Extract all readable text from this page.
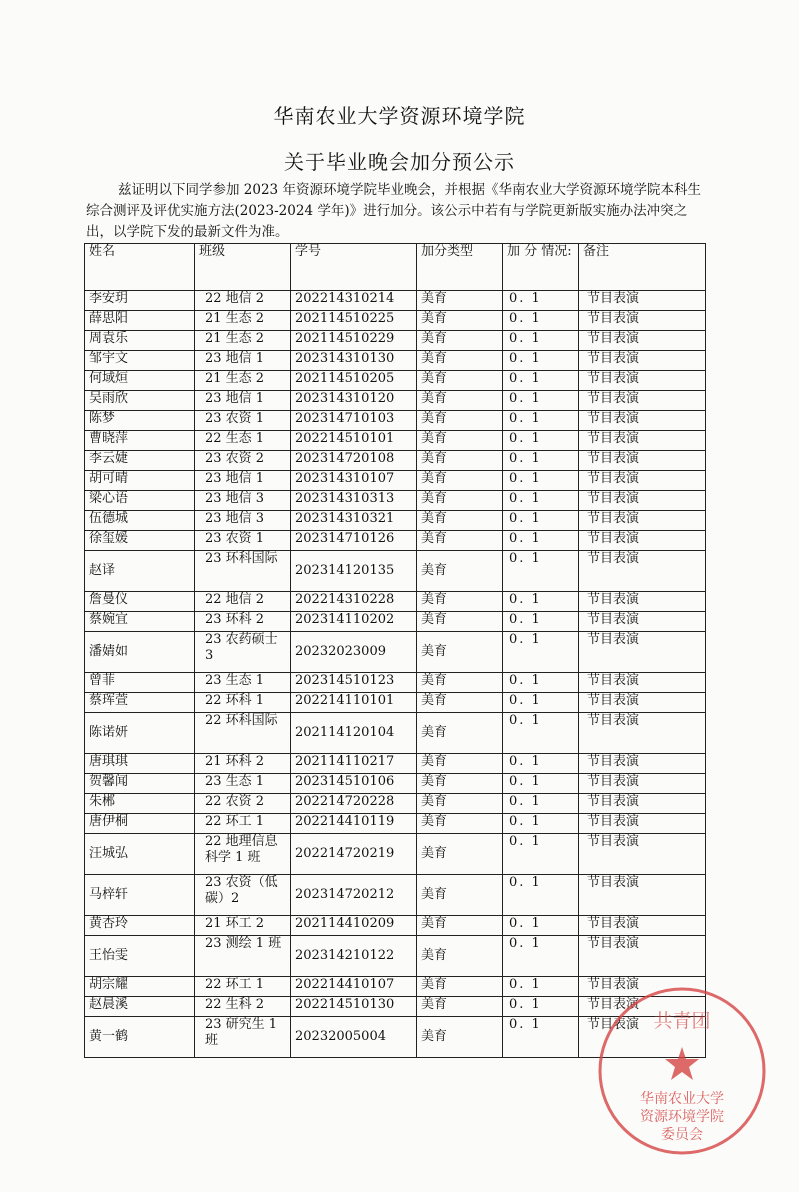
华南农业大学资源环境学院
关于毕业晚会加分预公示
兹证明以下同学参加 2023 年资源环境学院毕业晚会，并根据《华南农业大学资源环境学院本科生综合测评及评优实施方法(2023-2024 学年)》进行加分。该公示中若有与学院更新版实施办法冲突之出，以学院下发的最新文件为准。
姓名	班级	学号	加分类型	加 分 情况:	备注
李安玥	22 地信 2	202214310214	美育	0. 1	节目表演
薛思阳	21 生态 2	202114510225	美育	0. 1	节目表演
周袁乐	21 生态 2	202114510229	美育	0. 1	节目表演
邹宇文	23 地信 1	202314310130	美育	0. 1	节目表演
何域烜	21 生态 2	202114510205	美育	0. 1	节目表演
吴雨欣	23 地信 1	202314310120	美育	0. 1	节目表演
陈梦	23 农资 1	202314710103	美育	0. 1	节目表演
曹晓萍	22 生态 1	202214510101	美育	0. 1	节目表演
李云婕	23 农资 2	202314720108	美育	0. 1	节目表演
胡可晴	23 地信 1	202314310107	美育	0. 1	节目表演
梁心语	23 地信 3	202314310313	美育	0. 1	节目表演
伍德城	23 地信 3	202314310321	美育	0. 1	节目表演
徐玺媛	23 农资 1	202314710126	美育	0. 1	节目表演
赵译	23 环科国际	202314120135	美育	0. 1	节目表演
詹曼仪	22 地信 2	202214310228	美育	0. 1	节目表演
蔡婉宜	23 环科 2	202314110202	美育	0. 1	节目表演
潘婧如	23 农药硕士 3	20232023009	美育	0. 1	节目表演
曾菲	23 生态 1	202314510123	美育	0. 1	节目表演
蔡珲萱	22 环科 1	202214110101	美育	0. 1	节目表演
陈诺妍	22 环科国际	202114120104	美育	0. 1	节目表演
唐琪琪	21 环科 2	202114110217	美育	0. 1	节目表演
贺馨闻	23 生态 1	202314510106	美育	0. 1	节目表演
朱郴	22 农资 2	202214720228	美育	0. 1	节目表演
唐伊桐	22 环工 1	202214410119	美育	0. 1	节目表演
汪城弘	22 地理信息科学 1 班	202214720219	美育	0. 1	节目表演
马梓轩	23 农资（低碳）2	202314720212	美育	0. 1	节目表演
黄杏玲	21 环工 2	202114410209	美育	0. 1	节目表演
王怡雯	23 测绘 1 班	202314210122	美育	0. 1	节目表演
胡宗耀	22 环工 1	202214410107	美育	0. 1	节目表演
赵晨溪	22 生科 2	202214510130	美育	0. 1	节目表演
黄一鹤	23 研究生 1 班	20232005004	美育	0. 1	节目表演 共青团
华南农业大学
资源环境学院
委员会
